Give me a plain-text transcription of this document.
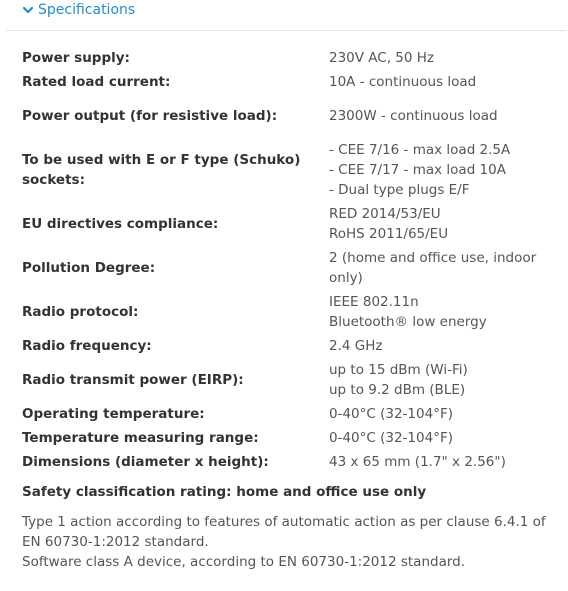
Specifications
Power supply:	230V AC, 50 Hz

Rated load current:	10A - continuous load

Power output (for resistive load):	2300W - continuous load

To be used with E or F type (Schuko) sockets:	- CEE 7/16 - max load 2.5A
- CEE 7/17 - max load 10A
- Dual type plugs E/F

EU directives compliance:	RED 2014/53/EU
RoHS 2011/65/EU

Pollution Degree:	2 (home and office use, indoor only)

Radio protocol:	IEEE 802.11n
Bluetooth® low energy

Radio frequency:	2.4 GHz

Radio transmit power (EIRP):	up to 15 dBm (Wi-Fi)
up to 9.2 dBm (BLE)

Operating temperature:	0-40°C (32-104°F)

Temperature measuring range:	0-40°C (32-104°F)

Dimensions (diameter x height):	43 x 65 mm (1.7" x 2.56")
Safety classification rating: home and office use only
Type 1 action according to features of automatic action as per clause 6.4.1 of EN 60730-1:2012 standard.
Software class A device, according to EN 60730-1:2012 standard.
